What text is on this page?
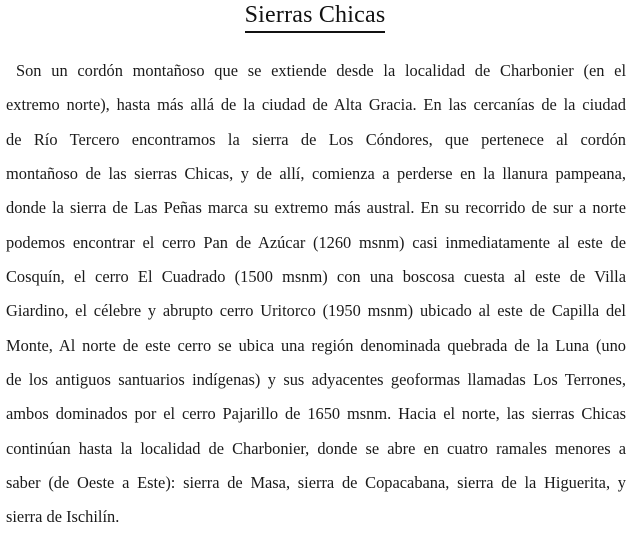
Sierras Chicas
Son un cordón montañoso que se extiende desde la localidad de Charbonier (en el
extremo norte), hasta más allá de la ciudad de Alta Gracia. En las cercanías de la ciudad
de Río Tercero encontramos la sierra de Los Cóndores, que pertenece al cordón
montañoso de las sierras Chicas, y de allí, comienza a perderse en la llanura pampeana,
donde la sierra de Las Peñas marca su extremo más austral. En su recorrido de sur a norte
podemos encontrar el cerro Pan de Azúcar (1260 msnm) casi inmediatamente al este de
Cosquín, el cerro El Cuadrado (1500 msnm) con una boscosa cuesta al este de Villa
Giardino, el célebre y abrupto cerro Uritorco (1950 msnm) ubicado al este de Capilla del
Monte, Al norte de este cerro se ubica una región denominada quebrada de la Luna (uno
de los antiguos santuarios indígenas) y sus adyacentes geoformas llamadas Los Terrones,
ambos dominados por el cerro Pajarillo de 1650 msnm. Hacia el norte, las sierras Chicas
continúan hasta la localidad de Charbonier, donde se abre en cuatro ramales menores a
saber (de Oeste a Este): sierra de Masa, sierra de Copacabana, sierra de la Higuerita, y
sierra de Ischilín.
